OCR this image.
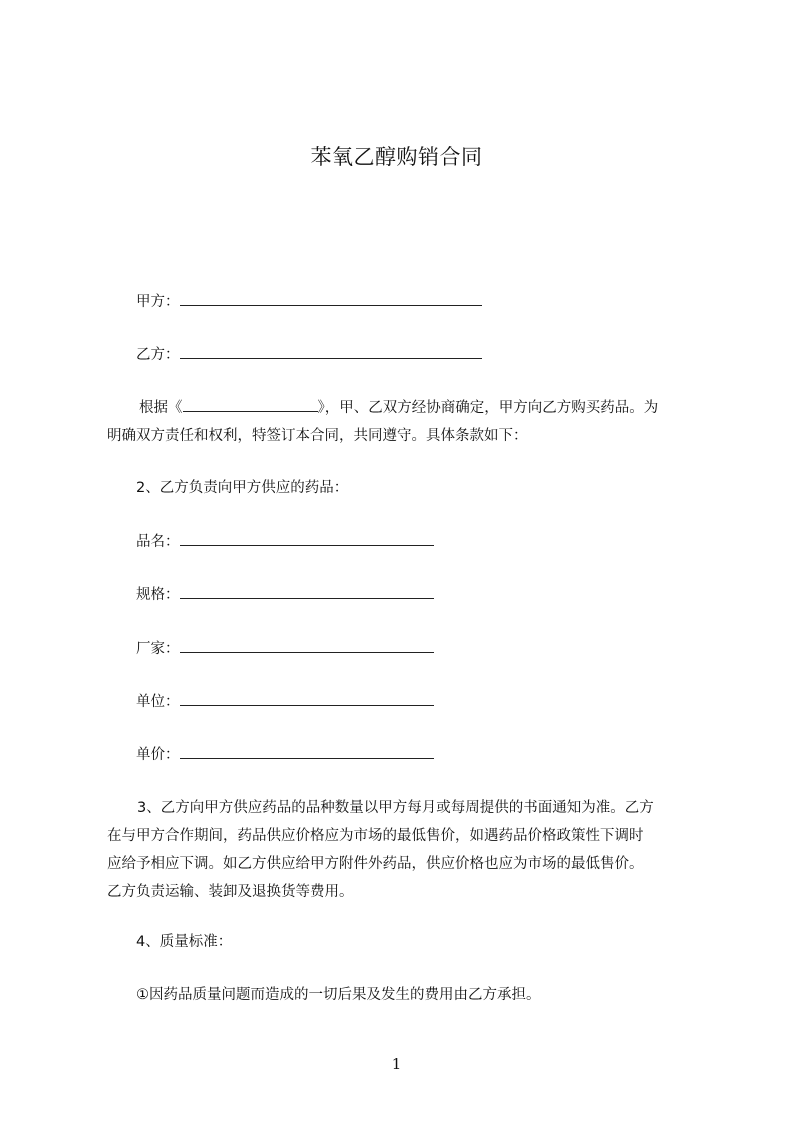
苯氧乙醇购销合同
甲方：
乙方：
根据《	》，甲、乙双方经协商确定，甲方向乙方购买药品。为
明确双方责任和权利，特签订本合同，共同遵守。具体条款如下：
2、乙方负责向甲方供应的药品：
品名：
规格：
厂家：
单位：
单价：
3、乙方向甲方供应药品的品种数量以甲方每月或每周提供的书面通知为准。乙方
在与甲方合作期间，药品供应价格应为市场的最低售价，如遇药品价格政策性下调时
应给予相应下调。如乙方供应给甲方附件外药品，供应价格也应为市场的最低售价。
乙方负责运输、装卸及退换货等费用。
4、质量标准：
①因药品质量问题而造成的一切后果及发生的费用由乙方承担。
1
